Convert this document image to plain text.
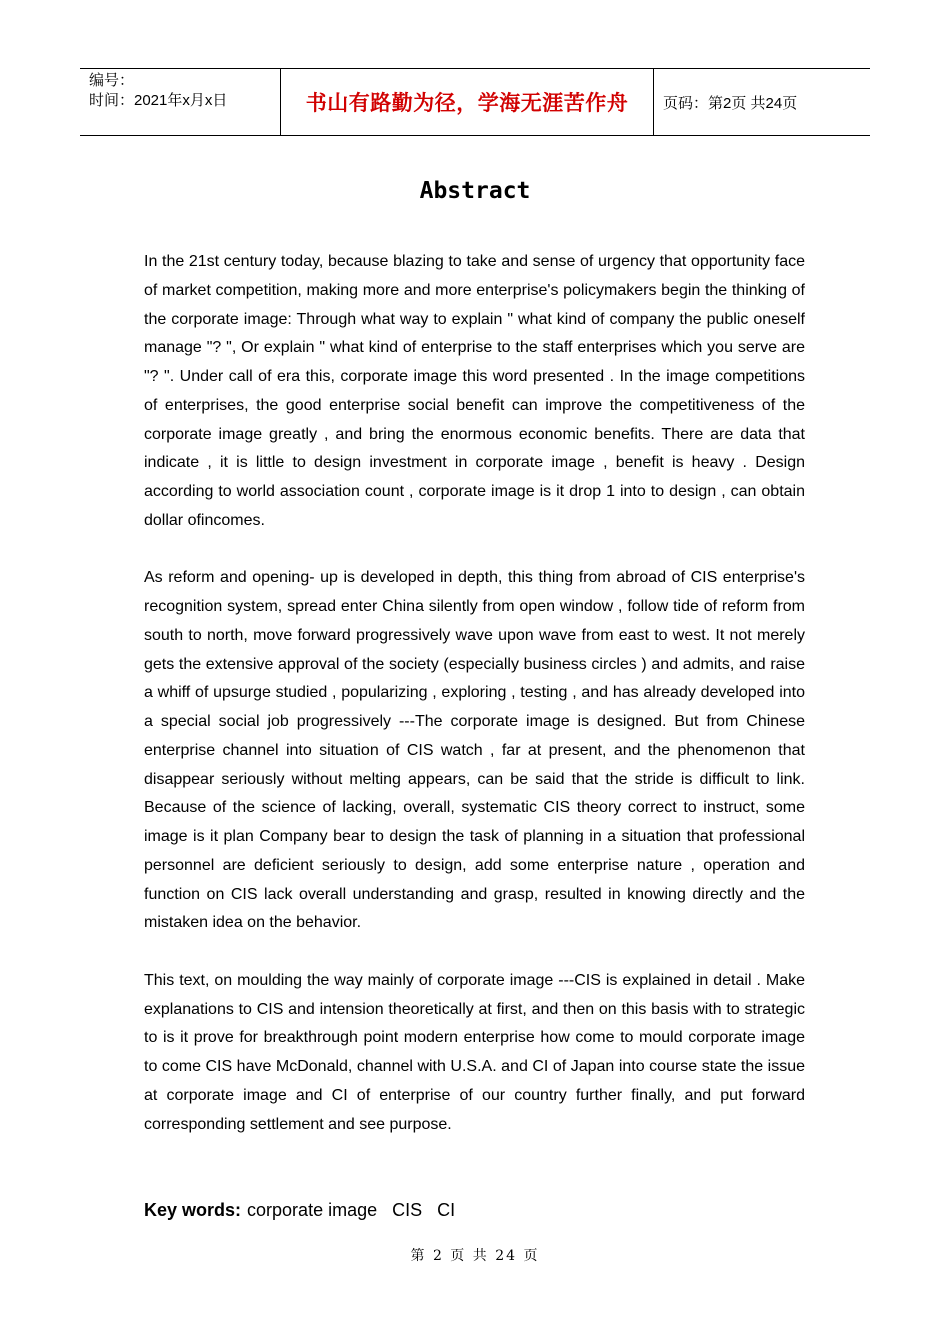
编号：
时间：2021年x月x日	书山有路勤为径，学海无涯苦作舟 页码：第2页 共24页
Abstract

In the 21st century today, because blazing to take and sense of urgency that opportunity face of market competition, making more and more enterprise's policymakers begin the thinking of the corporate image: Through what way to explain " what kind of company the public oneself manage "? ", Or explain " what kind of enterprise to the staff enterprises which you serve are "? ". Under call of era this, corporate image this word presented . In the image competitions of enterprises, the good enterprise social benefit can improve the competitiveness of the corporate image greatly , and bring the enormous economic benefits. There are data that indicate , it is little to design investment in corporate image , benefit is heavy . Design according to world association count , corporate image is it drop 1 into to design , can obtain dollar ofincomes.

As reform and opening- up is developed in depth, this thing from abroad of CIS enterprise's recognition system, spread enter China silently from open window , follow tide of reform from south to north, move forward progressively wave upon wave from east to west. It not merely gets the extensive approval of the society (especially business circles ) and admits, and raise a whiff of upsurge studied , popularizing , exploring , testing , and has already developed into a special social job progressively ---The corporate image is designed. But from Chinese enterprise channel into situation of CIS watch , far at present, and the phenomenon that disappear seriously without melting appears, can be said that the stride is difficult to link. Because of the science of lacking, overall, systematic CIS theory correct to instruct, some image is it plan Company bear to design the task of planning in a situation that professional personnel are deficient seriously to design, add some enterprise nature , operation and function on CIS lack overall understanding and grasp, resulted in knowing directly and the mistaken idea on the behavior.

This text, on moulding the way mainly of corporate image ---CIS is explained in detail . Make explanations to CIS and intension theoretically at first, and then on this basis with to strategic to is it prove for breakthrough point modern enterprise how come to mould corporate image to come CIS have McDonald, channel with U.S.A. and CI of Japan into course state the issue at corporate image and CI of enterprise of our country further finally, and put forward corresponding settlement and see purpose.

Key words: corporate image   CIS   CI
第 2 页 共 24 页
